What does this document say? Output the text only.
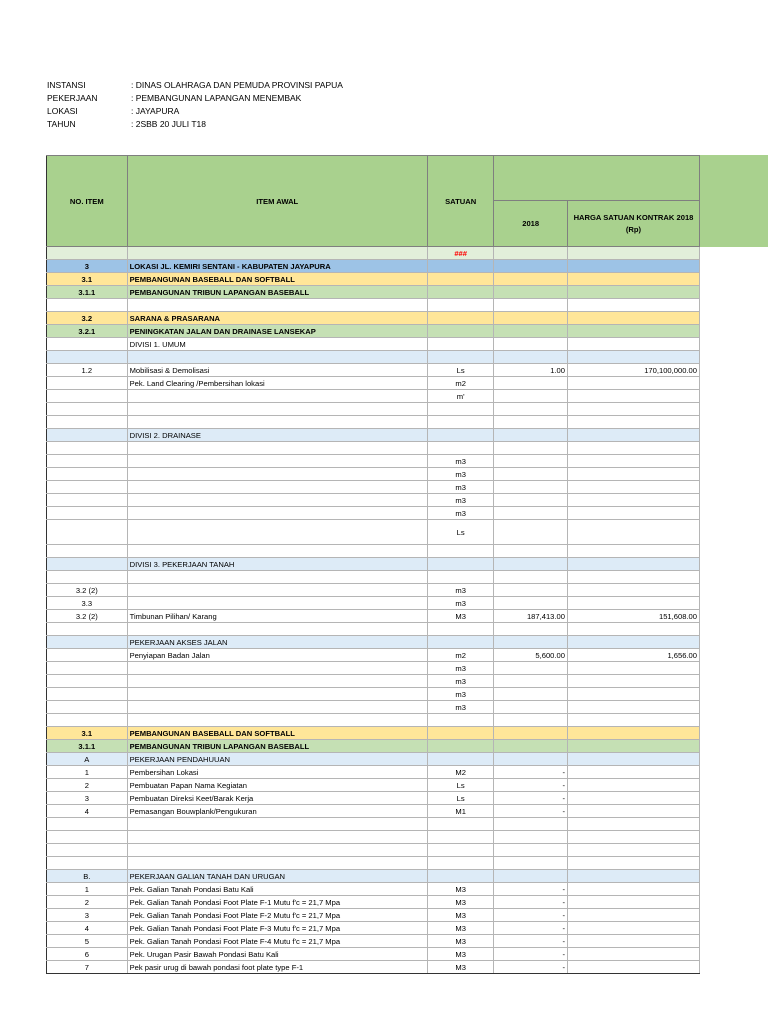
INSTANSI	: DINAS OLAHRAGA DAN PEMUDA PROVINSI PAPUA
PEKERJAAN	: PEMBANGUNAN LAPANGAN MENEMBAK
LOKASI	: JAYAPURA
TAHUN	: 2SBB 20 JULI T18
NO. ITEM	ITEM AWAL	SATUAN		
			2018	HARGA SATUAN KONTRAK 2018 (Rp)
		###		
3	LOKASI JL. KEMIRI SENTANI - KABUPATEN JAYAPURA			
3.1	PEMBANGUNAN BASEBALL DAN SOFTBALL			
3.1.1	PEMBANGUNAN TRIBUN LAPANGAN BASEBALL			

3.2	SARANA & PRASARANA			
3.2.1	PENINGKATAN JALAN DAN DRAINASE LANSEKAP			
	DIVISI 1. UMUM			

1.2	Mobilisasi & Demolisasi	Ls	1.00	170,100,000.00
	Pek. Land Clearing /Pembersihan lokasi	m2		
		m'		

	DIVISI 2. DRAINASE			

		m3		
		m3		
		m3		
		m3		
		m3		
		Ls		

	DIVISI 3. PEKERJAAN TANAH			

3.2 (2)		m3		
3.3		m3		
3.2 (2)	Timbunan Pilihan/ Karang	M3	187,413.00	151,608.00

	PEKERJAAN AKSES JALAN			
	Penyiapan Badan Jalan	m2	5,600.00	1,656.00
		m3		
		m3		
		m3		
		m3		

3.1	PEMBANGUNAN BASEBALL DAN SOFTBALL			
3.1.1	PEMBANGUNAN TRIBUN LAPANGAN BASEBALL			
A	PEKERJAAN PENDAHUUAN			
1	Pembersihan Lokasi	M2	-	
2	Pembuatan Papan Nama Kegiatan	Ls	-	
3	Pembuatan Direksi Keet/Barak Kerja	Ls	-	
4	Pemasangan Bouwplank/Pengukuran	M1	-	

B.	PEKERJAAN GALIAN TANAH DAN URUGAN			
1	Pek. Galian Tanah Pondasi Batu Kali	M3	-	
2	Pek. Galian Tanah Pondasi Foot Plate F-1 Mutu f'c = 21,7 Mpa	M3	-	
3	Pek. Galian Tanah Pondasi Foot Plate F-2 Mutu f'c = 21,7 Mpa	M3	-	
4	Pek. Galian Tanah Pondasi Foot Plate F-3 Mutu f'c = 21,7 Mpa	M3	-	
5	Pek. Galian Tanah Pondasi Foot Plate F-4 Mutu f'c = 21,7 Mpa	M3	-	
6	Pek. Urugan Pasir Bawah Pondasi Batu Kali	M3	-	
7	Pek pasir urug di bawah pondasi foot plate type F-1	M3	-	
